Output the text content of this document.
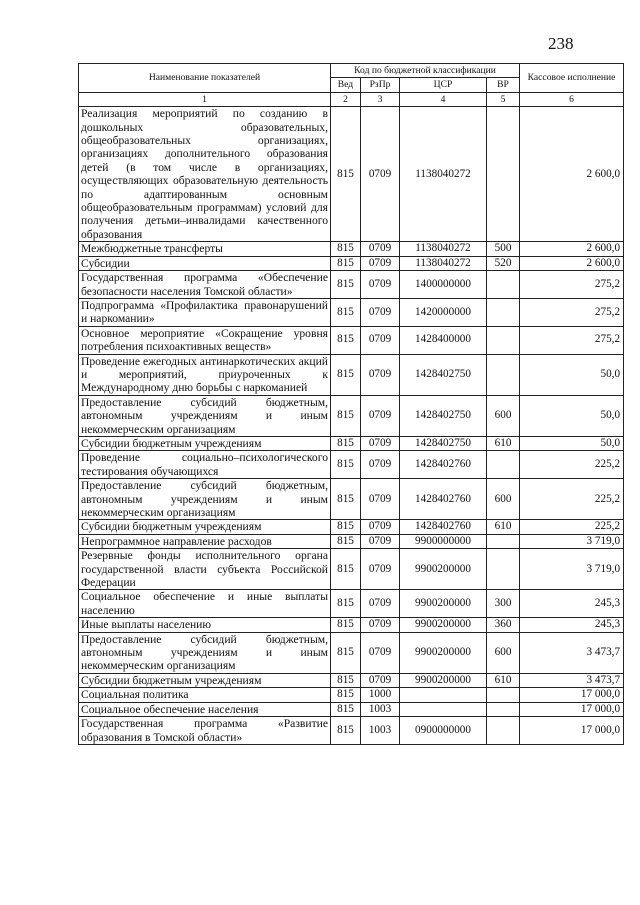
238
Наименование показателей	Код по бюджетной классификации				Кассовое исполнение
	Вед	РзПр	ЦСР	ВР	
1	2	3	4	5	6
Реализация мероприятий по созданию в дошкольных образовательных, общеобразовательных организациях, организациях дополнительного образования детей (в том числе в организациях, осуществляющих образовательную деятельность по адаптированным основным общеобразовательным программам) условий для получения детьми–инвалидами качественного образования	815	0709	1138040272		2 600,0
Межбюджетные трансферты	815	0709	1138040272	500	2 600,0
Субсидии	815	0709	1138040272	520	2 600,0
Государственная программа «Обеспечение безопасности населения Томской области»	815	0709	1400000000		275,2
Подпрограмма «Профилактика правонарушений и наркомании»	815	0709	1420000000		275,2
Основное мероприятие «Сокращение уровня потребления психоактивных веществ»	815	0709	1428400000		275,2
Проведение ежегодных антинаркотических акций и мероприятий, приуроченных к Международному дню борьбы с наркоманией	815	0709	1428402750		50,0
Предоставление субсидий бюджетным, автономным учреждениям и иным некоммерческим организациям	815	0709	1428402750	600	50,0
Субсидии бюджетным учреждениям	815	0709	1428402750	610	50,0
Проведение социально–психологического тестирования обучающихся	815	0709	1428402760		225,2
Предоставление субсидий бюджетным, автономным учреждениям и иным некоммерческим организациям	815	0709	1428402760	600	225,2
Субсидии бюджетным учреждениям	815	0709	1428402760	610	225,2
Непрограммное направление расходов	815	0709	9900000000		3 719,0
Резервные фонды исполнительного органа государственной власти субъекта Российской Федерации	815	0709	9900200000		3 719,0
Социальное обеспечение и иные выплаты населению	815	0709	9900200000	300	245,3
Иные выплаты населению	815	0709	9900200000	360	245,3
Предоставление субсидий бюджетным, автономным учреждениям и иным некоммерческим организациям	815	0709	9900200000	600	3 473,7
Субсидии бюджетным учреждениям	815	0709	9900200000	610	3 473,7
Социальная политика	815	1000			17 000,0
Социальное обеспечение населения	815	1003			17 000,0
Государственная программа «Развитие образования в Томской области»	815	1003	0900000000		17 000,0
